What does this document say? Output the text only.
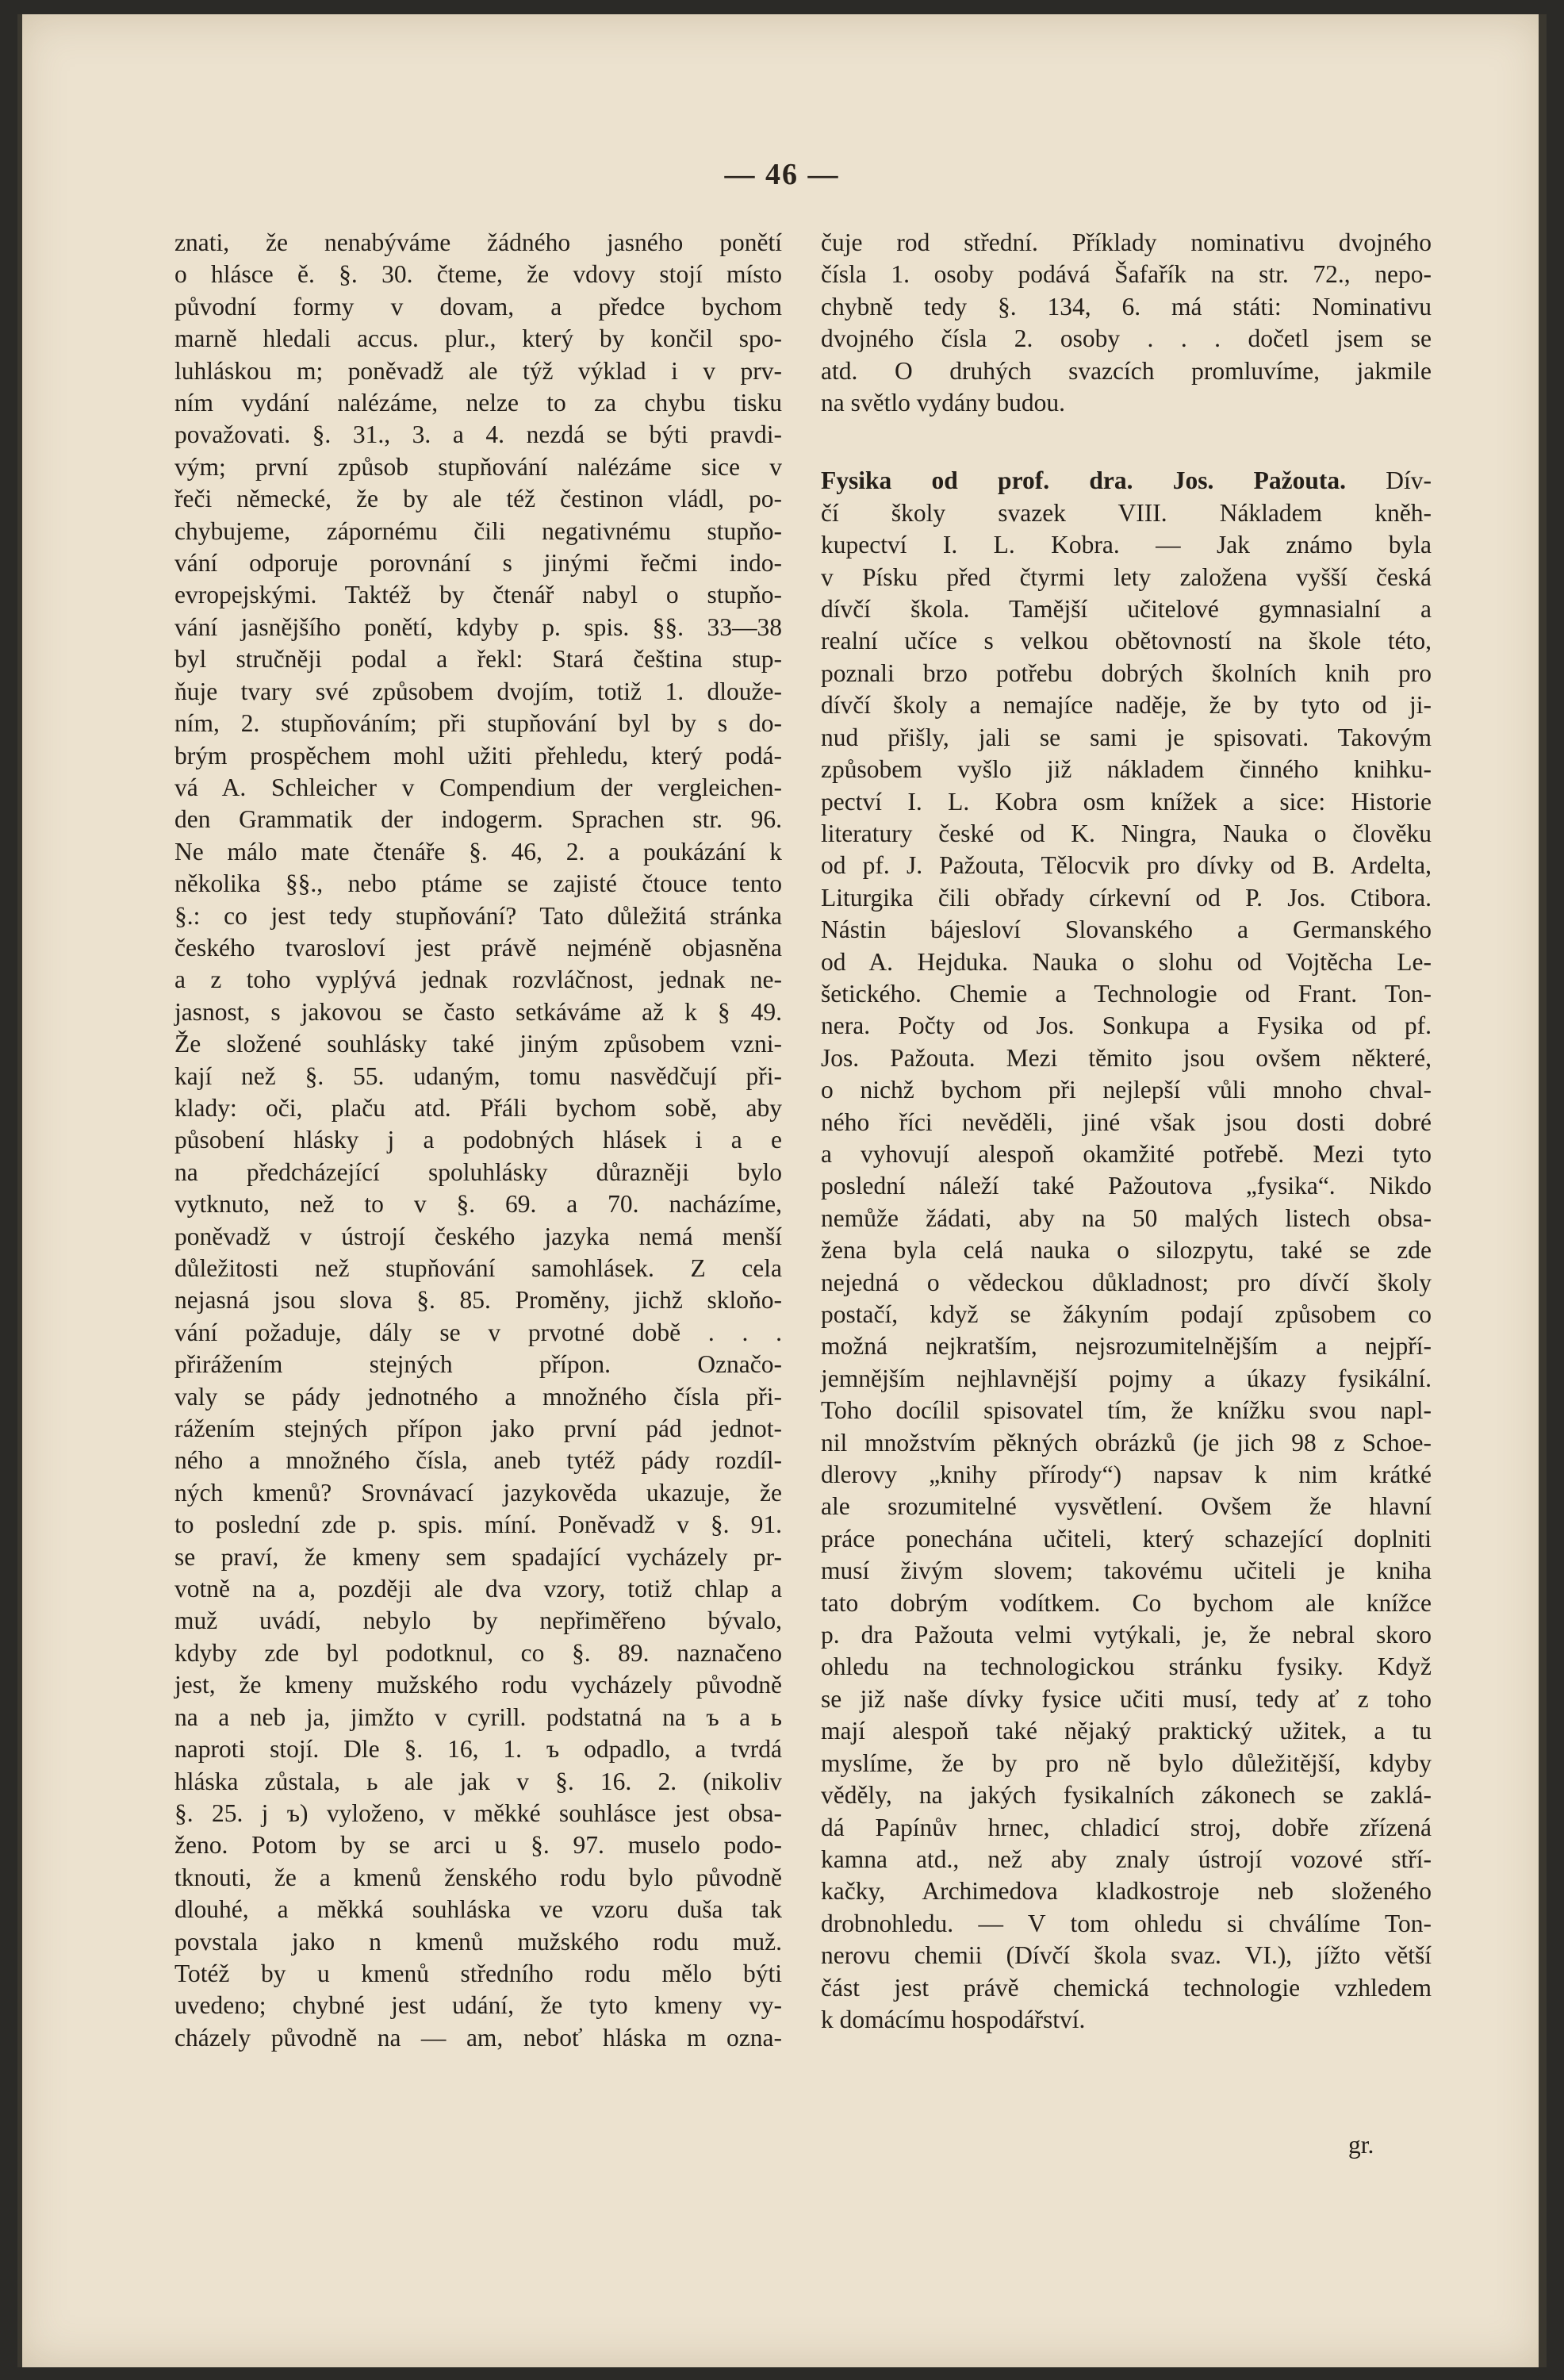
— 46 —
znati, že nenabýváme žádného jasného ponětí
o hlásce ě. §. 30. čteme, že vdovy stojí místo
původní formy v dovam, a předce bychom
marně hledali accus. plur., který by končil spo-
luhláskou m; poněvadž ale týž výklad i v prv-
ním vydání nalézáme, nelze to za chybu tisku
považovati. §. 31., 3. a 4. nezdá se býti pravdi-
vým; první způsob stupňování nalézáme sice v
řeči německé, že by ale též čestinon vládl, po-
chybujeme, zápornému čili negativnému stupňo-
vání odporuje porovnání s jinými řečmi indo-
evropejskými. Taktéž by čtenář nabyl o stupňo-
vání jasnějšího ponětí, kdyby p. spis. §§. 33—38
byl stručněji podal a řekl: Stará čeština stup-
ňuje tvary své způsobem dvojím, totiž 1. dlouže-
ním, 2. stupňováním; při stupňování byl by s do-
brým prospěchem mohl užiti přehledu, který podá-
vá A. Schleicher v Compendium der vergleichen-
den Grammatik der indogerm. Sprachen str. 96.
Ne málo mate čtenáře §. 46, 2. a poukázání k
několika §§., nebo ptáme se zajisté čtouce tento
§.: co jest tedy stupňování? Tato důležitá stránka
českého tvarosloví jest právě nejméně objasněna
a z toho vyplývá jednak rozvláčnost, jednak ne-
jasnost, s jakovou se často setkáváme až k § 49.
Že složené souhlásky také jiným způsobem vzni-
kají než §. 55. udaným, tomu nasvědčují při-
klady: oči, plaču atd. Přáli bychom sobě, aby
působení hlásky j a podobných hlásek i a e
na předcházející spoluhlásky důrazněji bylo
vytknuto, než to v §. 69. a 70. nacházíme,
poněvadž v ústrojí českého jazyka nemá menší
důležitosti než stupňování samohlásek. Z cela
nejasná jsou slova §. 85. Proměny, jichž skloňo-
vání požaduje, dály se v prvotné době . . .
přirážením stejných přípon. Označo-
valy se pády jednotného a množného čísla při-
rážením stejných přípon jako první pád jednot-
ného a množného čísla, aneb tytéž pády rozdíl-
ných kmenů? Srovnávací jazykověda ukazuje, že
to poslední zde p. spis. míní. Poněvadž v §. 91.
se praví, že kmeny sem spadající vycházely pr-
votně na a, později ale dva vzory, totiž chlap a
muž uvádí, nebylo by nepřiměřeno bývalo,
kdyby zde byl podotknul, co §. 89. naznačeno
jest, že kmeny mužského rodu vycházely původně
na a neb ja, jimžto v cyrill. podstatná na ъ a ь
naproti stojí. Dle §. 16, 1. ъ odpadlo, a tvrdá
hláska zůstala, ь ale jak v §. 16. 2. (nikoliv
§. 25. j ъ) vyloženo, v měkké souhlásce jest obsa-
ženo. Potom by se arci u §. 97. muselo podo-
tknouti, že a kmenů ženského rodu bylo původně
dlouhé, a měkká souhláska ve vzoru duša tak
povstala jako n kmenů mužského rodu muž.
Totéž by u kmenů středního rodu mělo býti
uvedeno; chybné jest udání, že tyto kmeny vy-
cházely původně na — am, neboť hláska m ozna-
čuje rod střední. Příklady nominativu dvojného
čísla 1. osoby podává Šafařík na str. 72., nepo-
chybně tedy §. 134, 6. má státi: Nominativu
dvojného čísla 2. osoby . . . dočetl jsem se
atd. O druhých svazcích promluvíme, jakmile
na světlo vydány budou.
Fysika od prof. dra. Jos. Pažouta. Dív-
čí školy svazek VIII. Nákladem kněh-
kupectví I. L. Kobra. — Jak známo byla
v Písku před čtyrmi lety založena vyšší česká
dívčí škola. Tamější učitelové gymnasialní a
realní učíce s velkou obětovností na škole této,
poznali brzo potřebu dobrých školních knih pro
dívčí školy a nemajíce naděje, že by tyto od ji-
nud přišly, jali se sami je spisovati. Takovým
způsobem vyšlo již nákladem činného knihku-
pectví I. L. Kobra osm knížek a sice: Historie
literatury české od K. Ningra, Nauka o člověku
od pf. J. Pažouta, Tělocvik pro dívky od B. Ardelta,
Liturgika čili obřady církevní od P. Jos. Ctibora.
Nástin bájesloví Slovanského a Germanského
od A. Hejduka. Nauka o slohu od Vojtěcha Le-
šetického. Chemie a Technologie od Frant. Ton-
nera. Počty od Jos. Sonkupa a Fysika od pf.
Jos. Pažouta. Mezi těmito jsou ovšem některé,
o nichž bychom při nejlepší vůli mnoho chval-
ného říci nevěděli, jiné však jsou dosti dobré
a vyhovují alespoň okamžité potřebě. Mezi tyto
poslední náleží také Pažoutova „fysika“. Nikdo
nemůže žádati, aby na 50 malých listech obsa-
žena byla celá nauka o silozpytu, také se zde
nejedná o vědeckou důkladnost; pro dívčí školy
postačí, když se žákyním podají způsobem co
možná nejkratším, nejsrozumitelnějším a nejpří-
jemnějším nejhlavnější pojmy a úkazy fysikální.
Toho docílil spisovatel tím, že knížku svou napl-
nil množstvím pěkných obrázků (je jich 98 z Schoe-
dlerovy „knihy přírody“) napsav k nim krátké
ale srozumitelné vysvětlení. Ovšem že hlavní
práce ponechána učiteli, který schazející doplniti
musí živým slovem; takovému učiteli je kniha
tato dobrým vodítkem. Co bychom ale knížce
p. dra Pažouta velmi vytýkali, je, že nebral skoro
ohledu na technologickou stránku fysiky. Když
se již naše dívky fysice učiti musí, tedy ať z toho
mají alespoň také nějaký praktický užitek, a tu
myslíme, že by pro ně bylo důležitější, kdyby
věděly, na jakých fysikalních zákonech se zaklá-
dá Papínův hrnec, chladicí stroj, dobře zřízená
kamna atd., než aby znaly ústrojí vozové stří-
kačky, Archimedova kladkostroje neb složeného
drobnohledu. — V tom ohledu si chválíme Ton-
nerovu chemii (Dívčí škola svaz. VI.), jížto větší
část jest právě chemická technologie vzhledem
k domácímu hospodářství.
gr.
